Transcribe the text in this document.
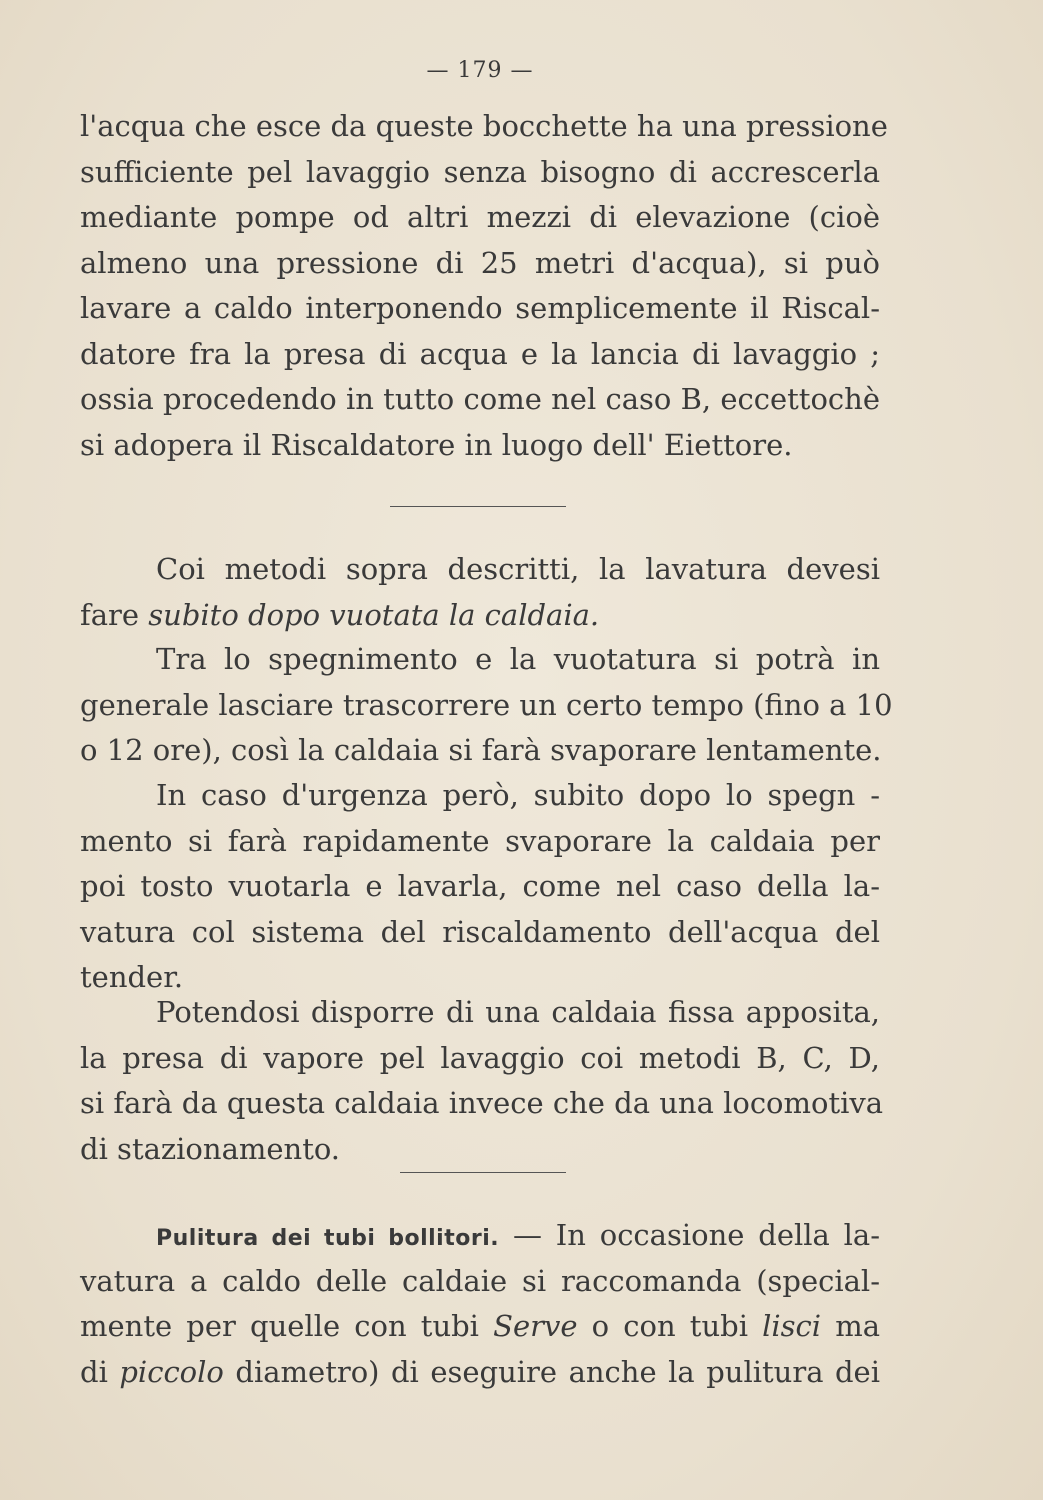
— 179 —
l'acqua che esce da queste bocchette ha una pressione
sufficiente pel lavaggio senza bisogno di accrescerla
mediante pompe od altri mezzi di elevazione (cioè
almeno una pressione di 25 metri d'acqua), si può
lavare a caldo interponendo semplicemente il Riscal-
datore fra la presa di acqua e la lancia di lavaggio ;
ossia procedendo in tutto come nel caso B, eccettochè
si adopera il Riscaldatore in luogo dell' Eiettore.
Coi metodi sopra descritti, la lavatura devesi
fare subito dopo vuotata la caldaia.
Tra lo spegnimento e la vuotatura si potrà in
generale lasciare trascorrere un certo tempo (fino a 10
o 12 ore), così la caldaia si farà svaporare lentamente.
In caso d'urgenza però, subito dopo lo spegn -
mento si farà rapidamente svaporare la caldaia per
poi tosto vuotarla e lavarla, come nel caso della la-
vatura col sistema del riscaldamento dell'acqua del
tender.
Potendosi disporre di una caldaia fissa apposita,
la presa di vapore pel lavaggio coi metodi B, C, D,
si farà da questa caldaia invece che da una locomotiva
di stazionamento.
Pulitura dei tubi bollitori. — In occasione della la-
vatura a caldo delle caldaie si raccomanda (special-
mente per quelle con tubi Serve o con tubi lisci ma
di piccolo diametro) di eseguire anche la pulitura dei
